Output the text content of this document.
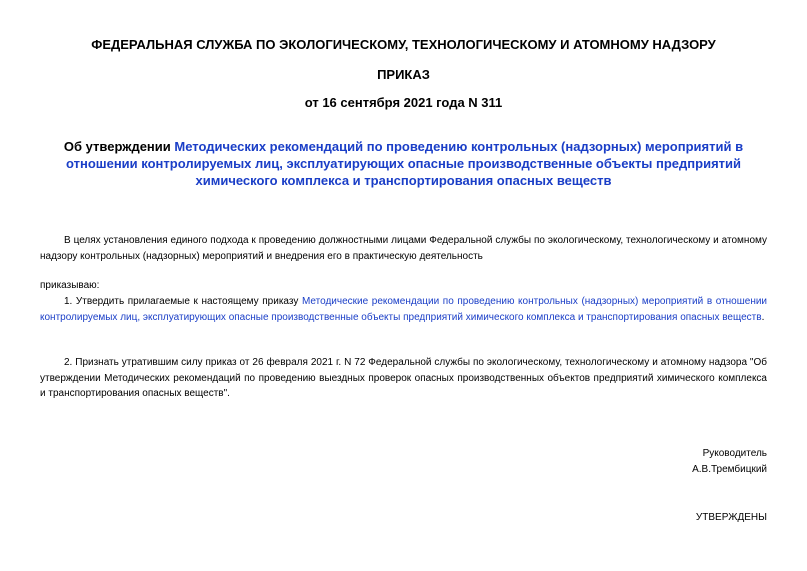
ФЕДЕРАЛЬНАЯ СЛУЖБА ПО ЭКОЛОГИЧЕСКОМУ, ТЕХНОЛОГИЧЕСКОМУ И АТОМНОМУ НАДЗОРУ

ПРИКАЗ

от 16 сентября 2021 года N 311

Об утверждении Методических рекомендаций по проведению контрольных (надзорных) мероприятий в отношении контролируемых лиц, эксплуатирующих опасные производственные объекты предприятий химического комплекса и транспортирования опасных веществ

В целях установления единого подхода к проведению должностными лицами Федеральной службы по экологическому, технологическому и атомному надзору контрольных (надзорных) мероприятий и внедрения его в практическую деятельность

приказываю:

1. Утвердить прилагаемые к настоящему приказу Методические рекомендации по проведению контрольных (надзорных) мероприятий в отношении контролируемых лиц, эксплуатирующих опасные производственные объекты предприятий химического комплекса и транспортирования опасных веществ.

2. Признать утратившим силу приказ от 26 февраля 2021 г. N 72 Федеральной службы по экологическому, технологическому и атомному надзора "Об утверждении Методических рекомендаций по проведению выездных проверок опасных производственных объектов предприятий химического комплекса и транспортирования опасных веществ".

Руководитель
А.В.Трембицкий

УТВЕРЖДЕНЫ
